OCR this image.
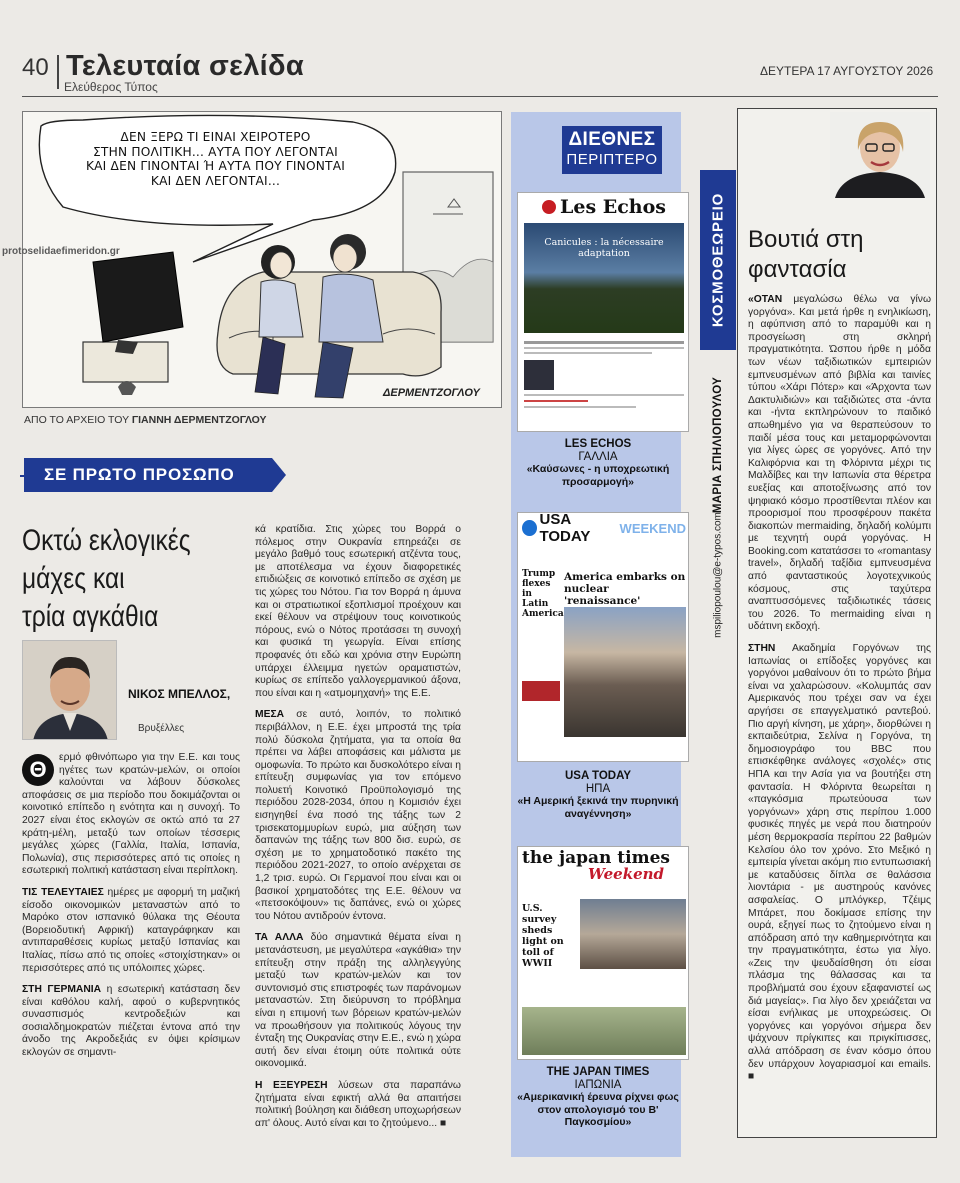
40 Τελευταία σελίδα
Ελεύθερος Τύπος
ΔΕΥΤΕΡΑ 17 ΑΥΓΟΥΣΤΟΥ 2026
ΔΕΝ ΞΕΡΩ ΤΙ ΕΙΝΑΙ ΧΕΙΡΟΤΕΡΟ
ΣΤΗΝ ΠΟΛΙΤΙΚΗ... ΑΥΤΑ ΠΟΥ ΛΕΓΟΝΤΑΙ
ΚΑΙ ΔΕΝ ΓΙΝΟΝΤΑΙ Ή ΑΥΤΑ ΠΟΥ ΓΙΝΟΝΤΑΙ
ΚΑΙ ΔΕΝ ΛΕΓΟΝΤΑΙ...
ΔΕΡΜΕΝΤΖΟΓΛΟΥ
protoselidaefimeridon.gr
ΑΠΟ ΤΟ ΑΡΧΕΙΟ ΤΟΥ ΓΙΑΝΝΗ ΔΕΡΜΕΝΤΖΟΓΛΟΥ
ΣΕ ΠΡΩΤΟ ΠΡΟΣΩΠΟ
Οκτώ εκλογικές
μάχες και
τρία αγκάθια
ΝΙΚΟΣ ΜΠΕΛΛΟΣ,
Βρυξέλλες

Θ	ερμό φθινόπωρο για την Ε.Ε. και τους ηγέτες των κρατών-μελών, οι οποίοι καλούνται να λάβουν δύσκολες αποφάσεις σε μια περίοδο που δοκιμάζονται οι κοινοτικό επίπεδο η ενότητα και η συνοχή. Το 2027 είναι έτος εκλογών σε οκτώ από τα 27 κράτη-μέλη, μεταξύ των οποίων τέσσερις μεγάλες χώρες (Γαλλία, Ιταλία, Ισπανία, Πολωνία), στις περισσότερες από τις οποίες η εσωτερική πολιτική κατάσταση είναι περίπλοκη.

ΤΙΣ ΤΕΛΕΥΤΑΙΕΣ ημέρες με αφορμή τη μαζική είσοδο οικονομικών μεταναστών από το Μαρόκο στον ισπανικό θύλακα της Θέουτα (Βορειοδυτική Αφρική) καταγράφηκαν και αντιπαραθέσεις κυρίως μεταξύ Ισπανίας και Ιταλίας, πίσω από τις οποίες «στοιχίστηκαν» οι περισσότερες από τις υπόλοιπες χώρες.

ΣΤΗ ΓΕΡΜΑΝΙΑ η εσωτερική κατάσταση δεν είναι καθόλου καλή, αφού ο κυβερνητικός συνασπισμός κεντροδεξιών και σοσιαλδημοκρατών πιέζεται έντονα από την άνοδο της Ακροδεξιάς εν όψει κρίσιμων εκλογών σε σημαντι-

κά κρατίδια. Στις χώρες του Βορρά ο πόλεμος στην Ουκρανία επηρεάζει σε μεγάλο βαθμό τους εσωτερική ατζέντα τους, με αποτέλεσμα να έχουν διαφορετικές επιδιώξεις σε κοινοτικό επίπεδο σε σχέση με τις χώρες του Νότου. Για τον Βορρά η άμυνα και οι στρατιωτικοί εξοπλισμοί προέχουν και εκεί θέλουν να στρέψουν τους κοινοτικούς πόρους, ενώ ο Νότος προτάσσει τη συνοχή και φυσικά τη γεωργία. Είναι επίσης προφανές ότι εδώ και χρόνια στην Ευρώπη υπάρχει έλλειμμα ηγετών οραματιστών, κυρίως σε επίπεδο γαλλογερμανικού άξονα, που είναι και η «ατμομηχανή» της Ε.Ε.

ΜΕΣΑ σε αυτό, λοιπόν, το πολιτικό περιβάλλον, η Ε.Ε. έχει μπροστά της τρία πολύ δύσκολα ζητήματα, για τα οποία θα πρέπει να λάβει αποφάσεις και μάλιστα με ομοφωνία. Το πρώτο και δυσκολότερο είναι η επίτευξη συμφωνίας για τον επόμενο πολυετή Κοινοτικό Προϋπολογισμό της περιόδου 2028-2034, όπου η Κομισιόν έχει εισηγηθεί ένα ποσό της τάξης των 2 τρισεκατομμυρίων ευρώ, μια αύξηση των δαπανών της τάξης των 800 δισ. ευρώ, σε σχέση με το χρηματοδοτικό πακέτο της περιόδου 2021-2027, το οποίο ανέρχεται σε 1,2 τρισ. ευρώ. Οι Γερμανοί που είναι και οι βασικοί χρηματοδότες της Ε.Ε. θέλουν να «πετσοκόψουν» τις δαπάνες, ενώ οι χώρες του Νότου αντιδρούν έντονα.

ΤΑ ΑΛΛΑ δύο σημαντικά θέματα είναι η μετανάστευση, με μεγαλύτερα «αγκάθια» την επίτευξη στην πράξη της αλληλεγγύης μεταξύ των κρατών-μελών και τον συντονισμό στις επιστροφές των παράνομων μεταναστών. Στη διεύρυνση το πρόβλημα είναι η επιμονή των βόρειων κρατών-μελών να προωθήσουν για πολιτικούς λόγους την ένταξη της Ουκρανίας στην Ε.Ε., ενώ η χώρα αυτή δεν είναι έτοιμη ούτε πολιτικά ούτε οικονομικά.

Η ΕΞΕΥΡΕΣΗ λύσεων στα παραπάνω ζητήματα είναι εφικτή αλλά θα απαιτήσει πολιτική βούληση και διάθεση υποχωρήσεων απ' όλους. Αυτό είναι και το ζητούμενο... ■

ΔΙΕΘΝΕΣ
ΠΕΡΙΠΤΕΡΟ
Les Echos
Canicules : la nécessaire adaptation
LES ECHOS
ΓΑΛΛΙΑ
«Καύσωνες - η υποχρεωτική προσαρμογή»
USA TODAY	WEEKEND
Trump flexes in Latin America
America embarks on nuclear 'renaissance'
USA TODAY
ΗΠΑ
«Η Αμερική ξεκινά την πυρηνική αναγέννηση»
the japan times
Weekend
U.S. survey sheds light on toll of WWII
THE JAPAN TIMES
ΙΑΠΩΝΙΑ
«Αμερικανική έρευνα ρίχνει φως στον απολογισμό του Β' Παγκοσμίου»
ΚΟΣΜΟΘΕΩΡΕΙΟ
ΜΑΡΙΑ ΣΠΗΛΙΟΠΟΥΛΟΥ
mspiliopoulou@e-typos.com
Βουτιά στη
φαντασία

«ΟΤΑΝ μεγαλώσω θέλω να γίνω γοργόνα». Και μετά ήρθε η ενηλικίωση, η αφύπνιση από το παραμύθι και η προσγείωση στη σκληρή πραγματικότητα. Ώσπου ήρθε η μόδα των νέων ταξιδιωτικών εμπειριών εμπνευσμένων από βιβλία και ταινίες τύπου «Χάρι Πότερ» και «Άρχοντα των Δακτυλιδιών» και ταξιδιώτες στα -άντα και -ήντα εκπληρώνουν το παιδικό απωθημένο για να θεραπεύσουν το παιδί μέσα τους και μεταμορφώνονται για λίγες ώρες σε γοργόνες. Από την Καλιφόρνια και τη Φλόριντα μέχρι τις Μαλδίβες και την Ιαπωνία στα θέρετρα ευεξίας και αποτοξίνωσης από τον ψηφιακό κόσμο προστίθενται πλέον και προορισμοί που προσφέρουν πακέτα διακοπών mermaiding, δηλαδή κολύμπι με τεχνητή ουρά γοργόνας. Η Booking.com κατατάσσει το «romantasy travel», δηλαδή ταξίδια εμπνευσμένα από φανταστικούς λογοτεχνικούς κόσμους, στις ταχύτερα αναπτυσσόμενες ταξιδιωτικές τάσεις του 2026. Το mermaiding είναι η υδάτινη εκδοχή.

ΣΤΗΝ Ακαδημία Γοργόνων της Ιαπωνίας οι επίδοξες γοργόνες και γοργόνοι μαθαίνουν ότι το πρώτο βήμα είναι να χαλαρώσουν. «Κολυμπάς σαν Αμερικανός που τρέχει σαν να έχει αργήσει σε επαγγελματικό ραντεβού. Πιο αργή κίνηση, με χάρη», διορθώνει η εκπαιδεύτρια, Σελίνα η Γοργόνα, τη δημοσιογράφο του BBC που επισκέφθηκε ανάλογες «σχολές» στις ΗΠΑ και την Ασία για να βουτήξει στη φαντασία. Η Φλόριντα θεωρείται η «παγκόσμια πρωτεύουσα των γοργόνων» χάρη στις περίπου 1.000 φυσικές πηγές με νερά που διατηρούν μέση θερμοκρασία περίπου 22 βαθμών Κελσίου όλο τον χρόνο. Στο Μεξικό η εμπειρία γίνεται ακόμη πιο εντυπωσιακή με καταδύσεις δίπλα σε θαλάσσια λιοντάρια - με αυστηρούς κανόνες ασφαλείας. Ο μπλόγκερ, Τζέιμς Μπάρετ, που δοκίμασε επίσης την ουρά, εξηγεί πως το ζητούμενο είναι η απόδραση από την καθημερινότητα και την πραγματικότητα, έστω για λίγο. «Ζεις την ψευδαίσθηση ότι είσαι πλάσμα της θάλασσας και τα προβλήματά σου έχουν εξαφανιστεί ως διά μαγείας». Για λίγο δεν χρειάζεται να είσαι ενήλικας με υποχρεώσεις. Οι γοργόνες και γοργόνοι σήμερα δεν ψάχνουν πρίγκιπες και πριγκίπισσες, αλλά απόδραση σε έναν κόσμο όπου δεν υπάρχουν λογαριασμοί και emails. ■
